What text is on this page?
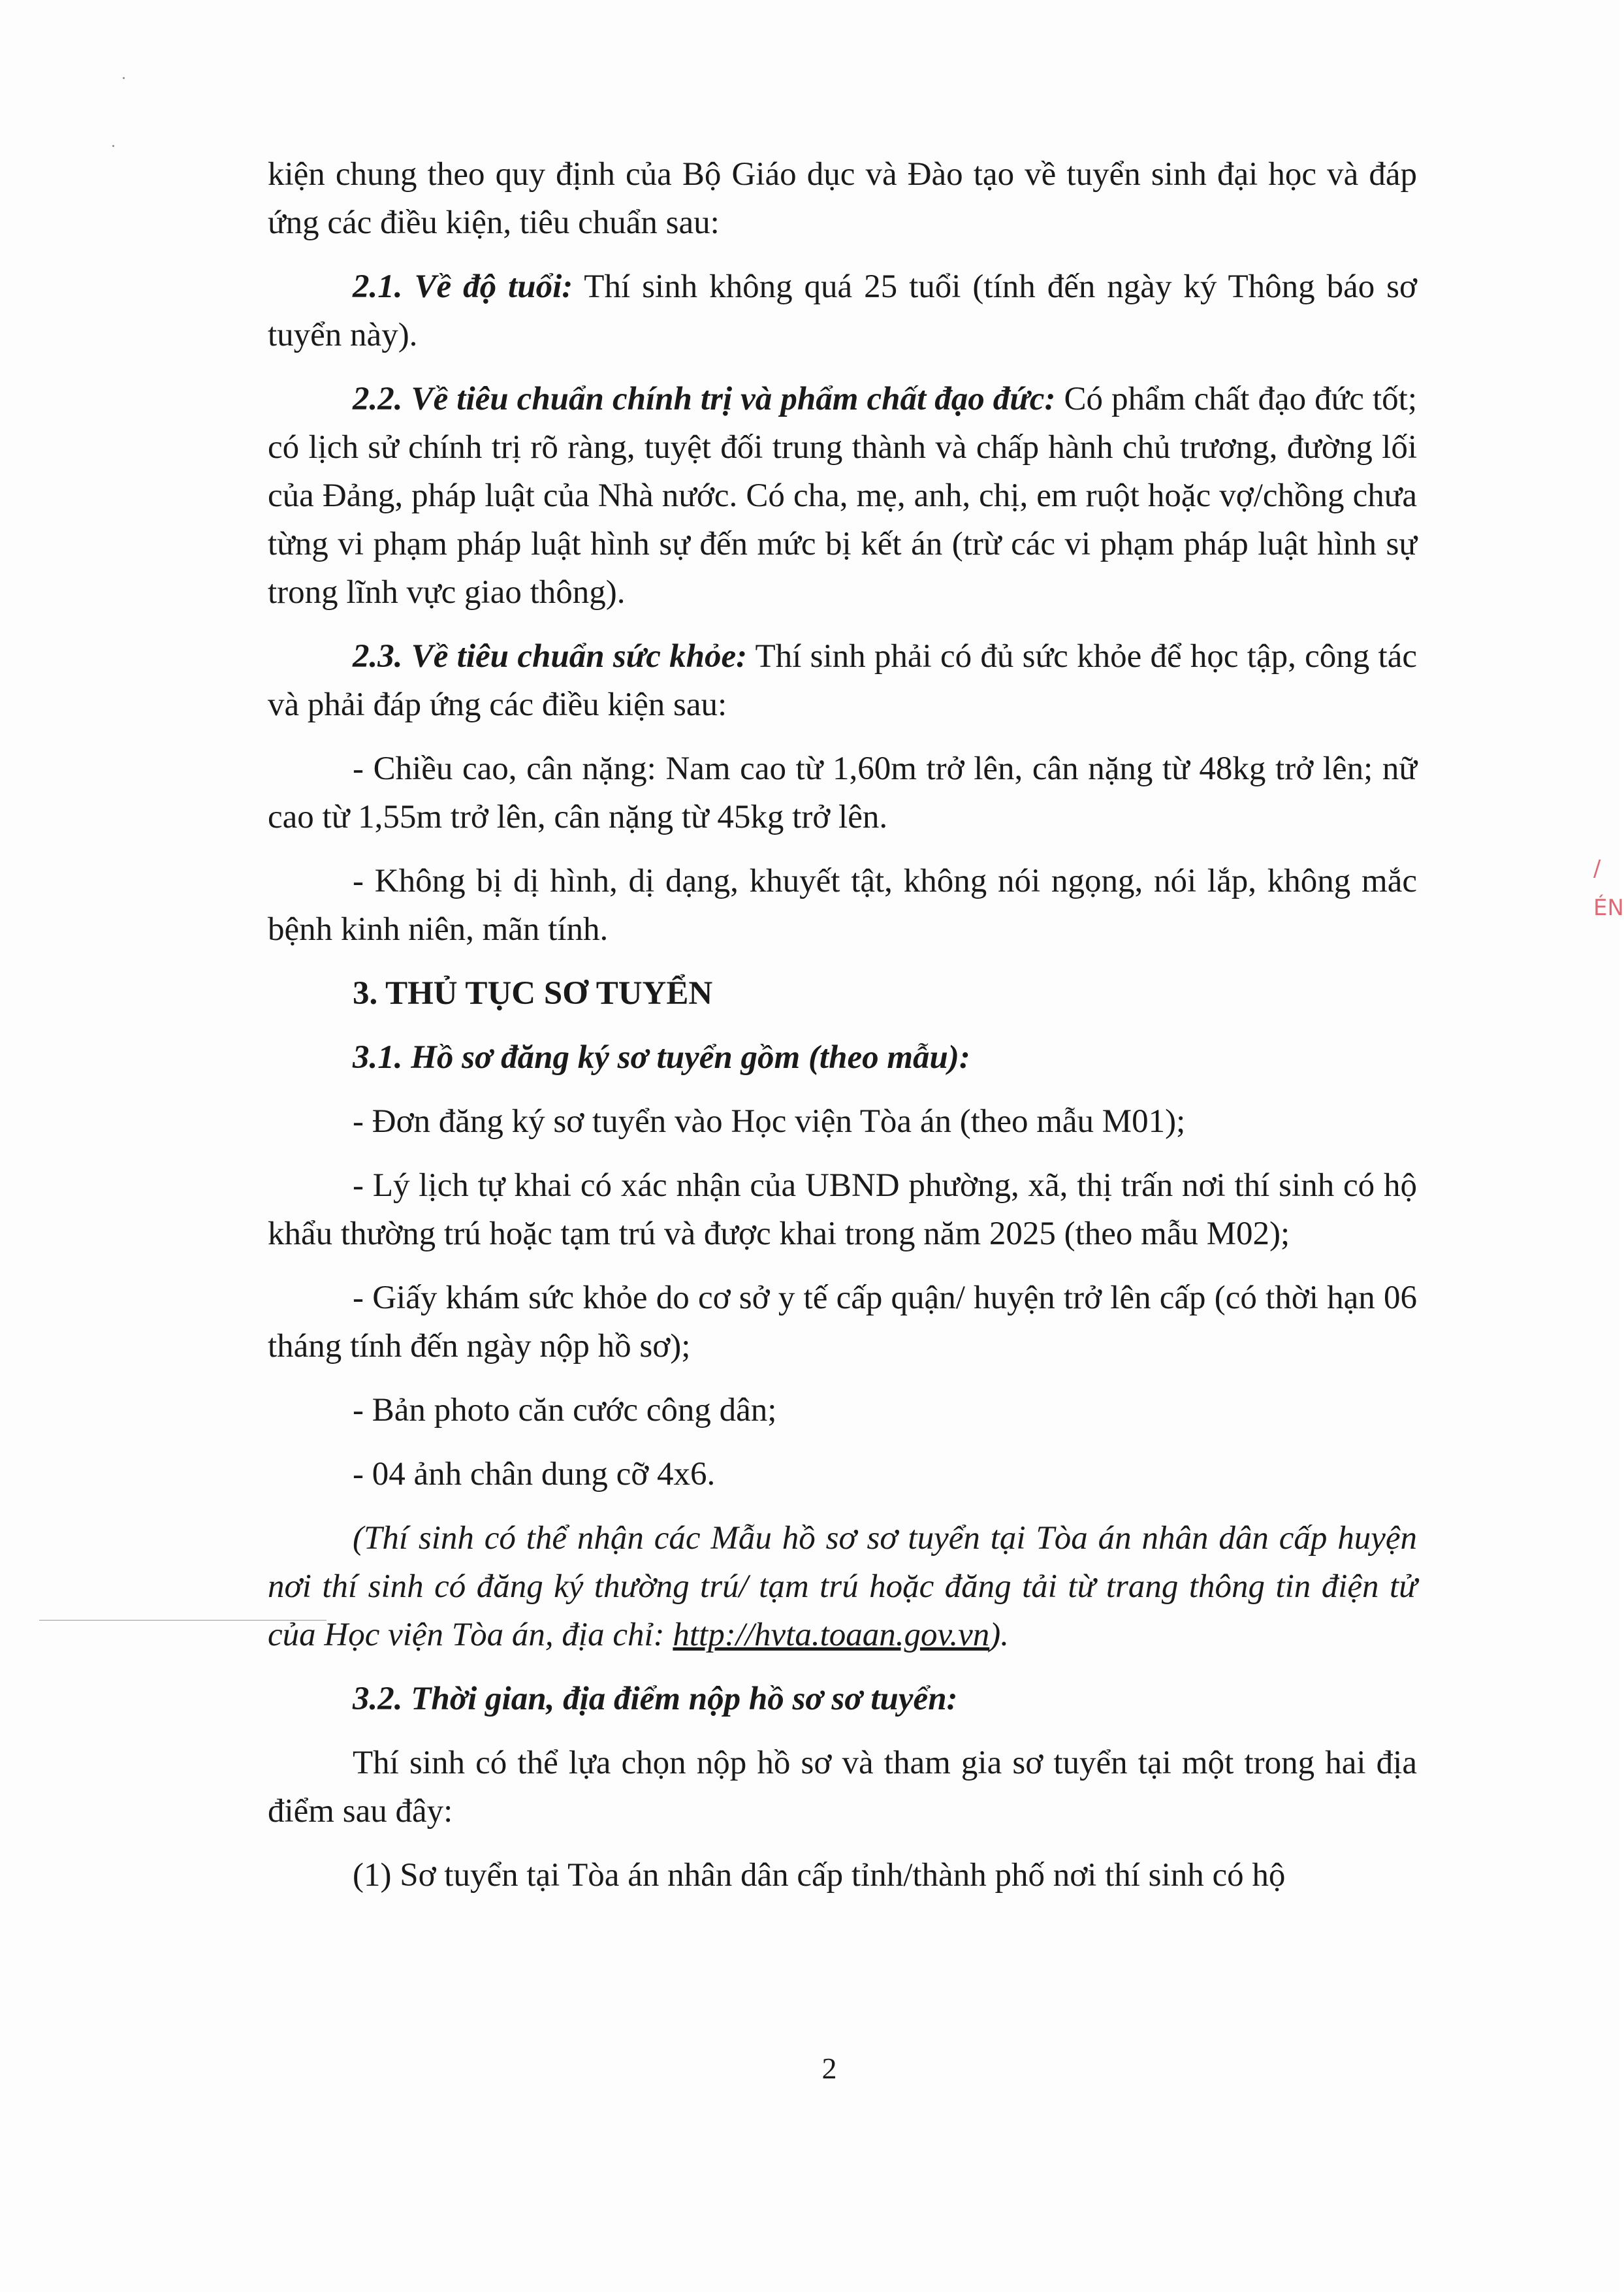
kiện chung theo quy định của Bộ Giáo dục và Đào tạo về tuyển sinh đại học và đáp ứng các điều kiện, tiêu chuẩn sau:

2.1. Về độ tuổi: Thí sinh không quá 25 tuổi (tính đến ngày ký Thông báo sơ tuyển này).

2.2. Về tiêu chuẩn chính trị và phẩm chất đạo đức: Có phẩm chất đạo đức tốt; có lịch sử chính trị rõ ràng, tuyệt đối trung thành và chấp hành chủ trương, đường lối của Đảng, pháp luật của Nhà nước. Có cha, mẹ, anh, chị, em ruột hoặc vợ/chồng chưa từng vi phạm pháp luật hình sự đến mức bị kết án (trừ các vi phạm pháp luật hình sự trong lĩnh vực giao thông).

2.3. Về tiêu chuẩn sức khỏe: Thí sinh phải có đủ sức khỏe để học tập, công tác và phải đáp ứng các điều kiện sau:

- Chiều cao, cân nặng: Nam cao từ 1,60m trở lên, cân nặng từ 48kg trở lên; nữ cao từ 1,55m trở lên, cân nặng từ 45kg trở lên.

- Không bị dị hình, dị dạng, khuyết tật, không nói ngọng, nói lắp, không mắc bệnh kinh niên, mãn tính.

3. THỦ TỤC SƠ TUYỂN

3.1. Hồ sơ đăng ký sơ tuyển gồm (theo mẫu):

- Đơn đăng ký sơ tuyển vào Học viện Tòa án (theo mẫu M01);

- Lý lịch tự khai có xác nhận của UBND phường, xã, thị trấn nơi thí sinh có hộ khẩu thường trú hoặc tạm trú và được khai trong năm 2025 (theo mẫu M02);

- Giấy khám sức khỏe do cơ sở y tế cấp quận/ huyện trở lên cấp (có thời hạn 06 tháng tính đến ngày nộp hồ sơ);

- Bản photo căn cước công dân;

- 04 ảnh chân dung cỡ 4x6.

(Thí sinh có thể nhận các Mẫu hồ sơ sơ tuyển tại Tòa án nhân dân cấp huyện nơi thí sinh có đăng ký thường trú/ tạm trú hoặc đăng tải từ trang thông tin điện tử của Học viện Tòa án, địa chỉ: http://hvta.toaan.gov.vn).

3.2. Thời gian, địa điểm nộp hồ sơ sơ tuyển:

Thí sinh có thể lựa chọn nộp hồ sơ và tham gia sơ tuyển tại một trong hai địa điểm sau đây:

(1) Sơ tuyển tại Tòa án nhân dân cấp tỉnh/thành phố nơi thí sinh có hộ

/ÉN
2
